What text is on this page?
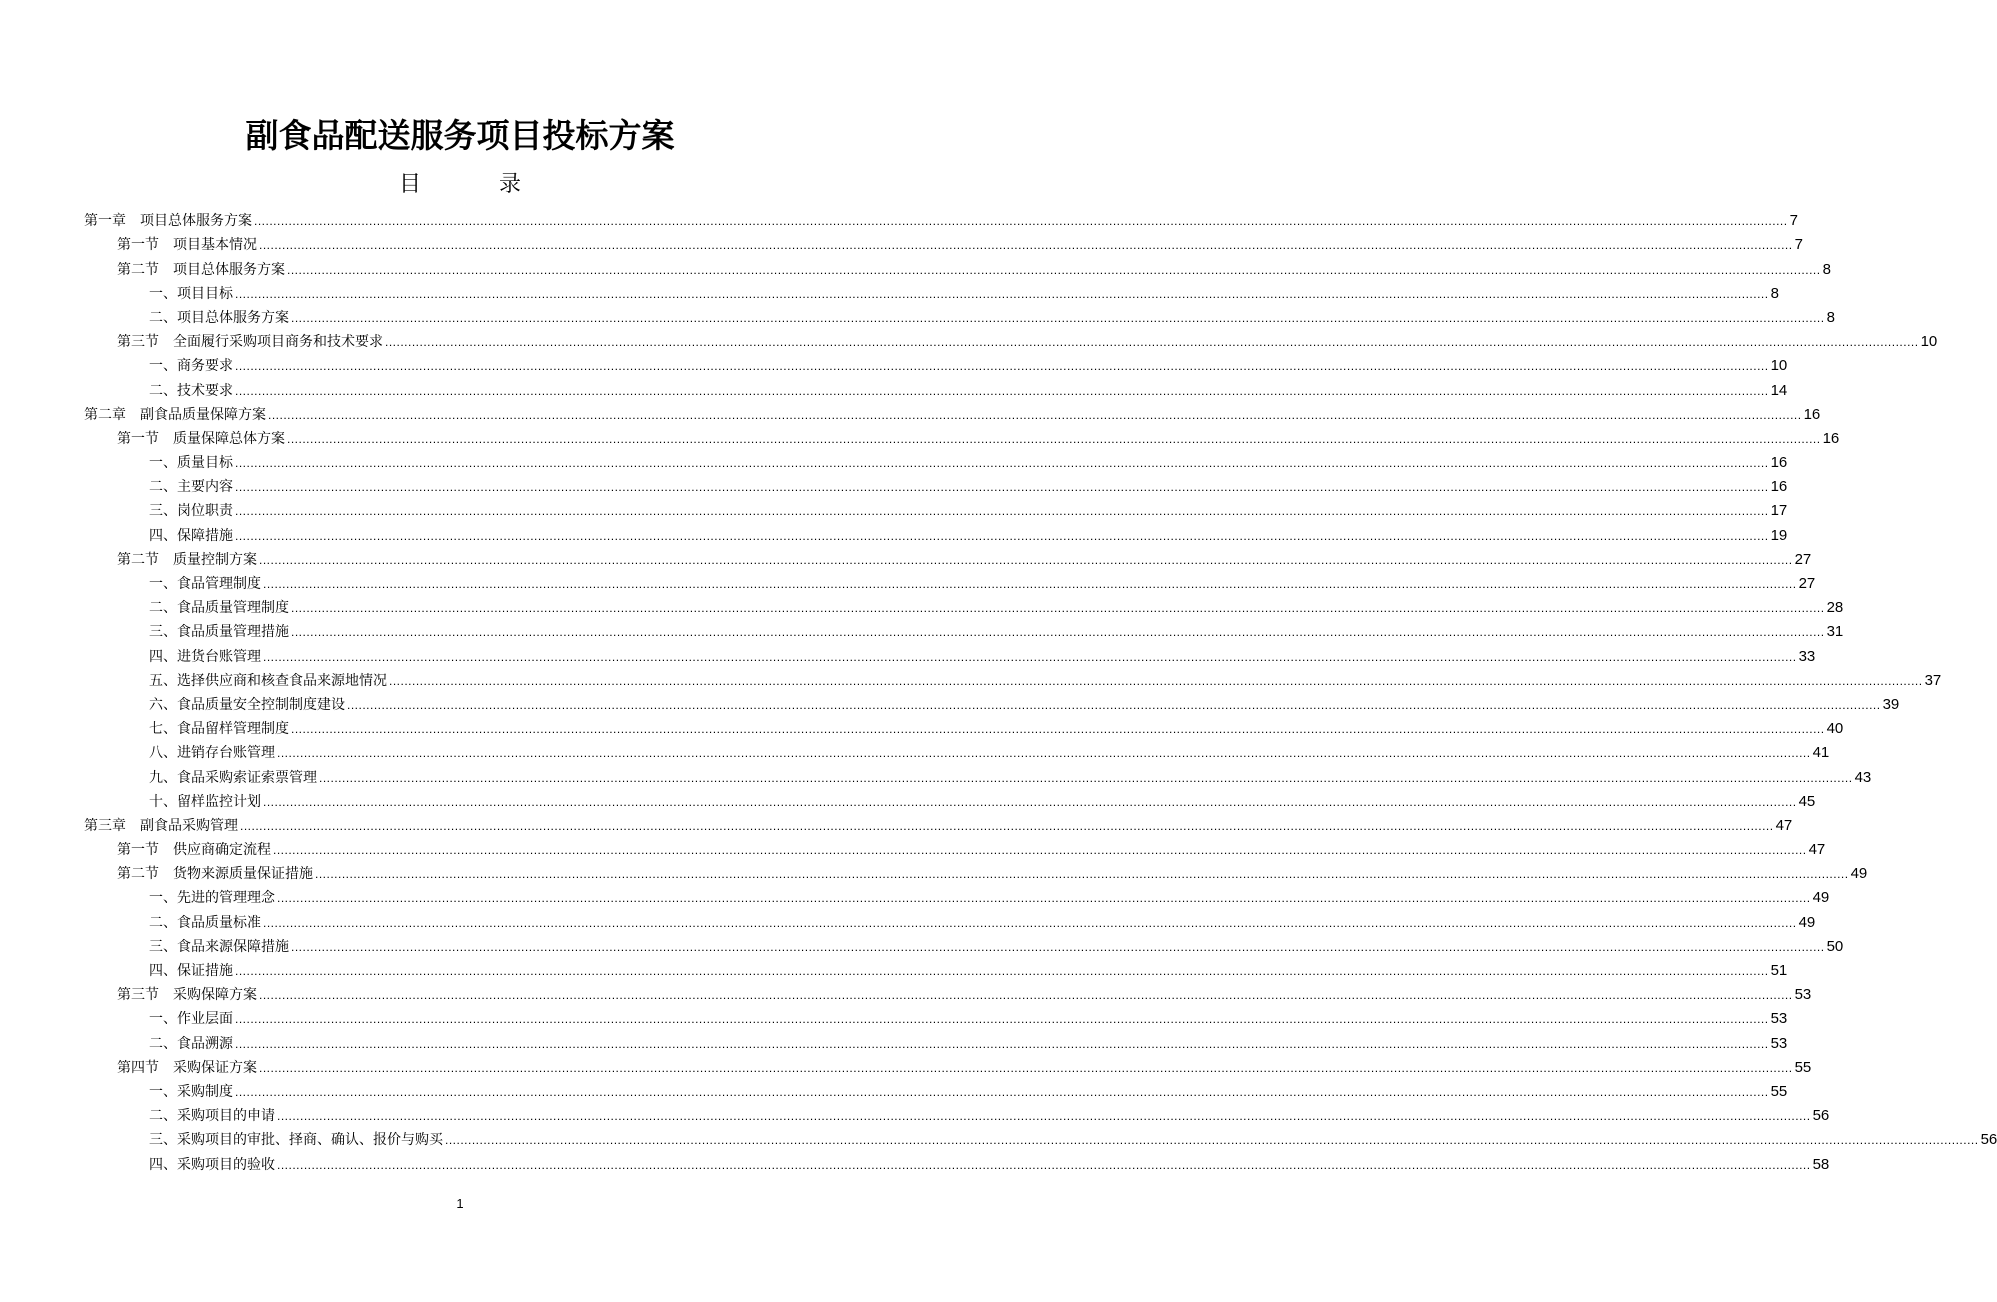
副食品配送服务项目投标方案
目　录
第一章 项目总体服务方案 ................................................................................................................................................................................................................................................................................................................................................................................................................ 7
第一节 项目基本情况 ................................................................................................................................................................................................................................................................................................................................................................................................................ 7
第二节 项目总体服务方案 ................................................................................................................................................................................................................................................................................................................................................................................................................ 8
一、项目目标 ................................................................................................................................................................................................................................................................................................................................................................................................................ 8
二、项目总体服务方案 ................................................................................................................................................................................................................................................................................................................................................................................................................ 8
第三节 全面履行采购项目商务和技术要求 ................................................................................................................................................................................................................................................................................................................................................................................................................ 10
一、商务要求 ................................................................................................................................................................................................................................................................................................................................................................................................................ 10
二、技术要求 ................................................................................................................................................................................................................................................................................................................................................................................................................ 14
第二章 副食品质量保障方案 ................................................................................................................................................................................................................................................................................................................................................................................................................ 16
第一节 质量保障总体方案 ................................................................................................................................................................................................................................................................................................................................................................................................................ 16
一、质量目标 ................................................................................................................................................................................................................................................................................................................................................................................................................ 16
二、主要内容 ................................................................................................................................................................................................................................................................................................................................................................................................................ 16
三、岗位职责 ................................................................................................................................................................................................................................................................................................................................................................................................................ 17
四、保障措施 ................................................................................................................................................................................................................................................................................................................................................................................................................ 19
第二节 质量控制方案 ................................................................................................................................................................................................................................................................................................................................................................................................................ 27
一、食品管理制度 ................................................................................................................................................................................................................................................................................................................................................................................................................ 27
二、食品质量管理制度 ................................................................................................................................................................................................................................................................................................................................................................................................................ 28
三、食品质量管理措施 ................................................................................................................................................................................................................................................................................................................................................................................................................ 31
四、进货台账管理 ................................................................................................................................................................................................................................................................................................................................................................................................................ 33
五、选择供应商和核查食品来源地情况 ................................................................................................................................................................................................................................................................................................................................................................................................................ 37
六、食品质量安全控制制度建设 ................................................................................................................................................................................................................................................................................................................................................................................................................ 39
七、食品留样管理制度 ................................................................................................................................................................................................................................................................................................................................................................................................................ 40
八、进销存台账管理 ................................................................................................................................................................................................................................................................................................................................................................................................................ 41
九、食品采购索证索票管理 ................................................................................................................................................................................................................................................................................................................................................................................................................ 43
十、留样监控计划 ................................................................................................................................................................................................................................................................................................................................................................................................................ 45
第三章 副食品采购管理 ................................................................................................................................................................................................................................................................................................................................................................................................................ 47
第一节 供应商确定流程 ................................................................................................................................................................................................................................................................................................................................................................................................................ 47
第二节 货物来源质量保证措施 ................................................................................................................................................................................................................................................................................................................................................................................................................ 49
一、先进的管理理念 ................................................................................................................................................................................................................................................................................................................................................................................................................ 49
二、食品质量标准 ................................................................................................................................................................................................................................................................................................................................................................................................................ 49
三、食品来源保障措施 ................................................................................................................................................................................................................................................................................................................................................................................................................ 50
四、保证措施 ................................................................................................................................................................................................................................................................................................................................................................................................................ 51
第三节 采购保障方案 ................................................................................................................................................................................................................................................................................................................................................................................................................ 53
一、作业层面 ................................................................................................................................................................................................................................................................................................................................................................................................................ 53
二、食品溯源 ................................................................................................................................................................................................................................................................................................................................................................................................................ 53
第四节 采购保证方案 ................................................................................................................................................................................................................................................................................................................................................................................................................ 55
一、采购制度 ................................................................................................................................................................................................................................................................................................................................................................................................................ 55
二、采购项目的申请 ................................................................................................................................................................................................................................................................................................................................................................................................................ 56
三、采购项目的审批、择商、确认、报价与购买 ................................................................................................................................................................................................................................................................................................................................................................................................................ 56
四、采购项目的验收 ................................................................................................................................................................................................................................................................................................................................................................................................................ 58
1
